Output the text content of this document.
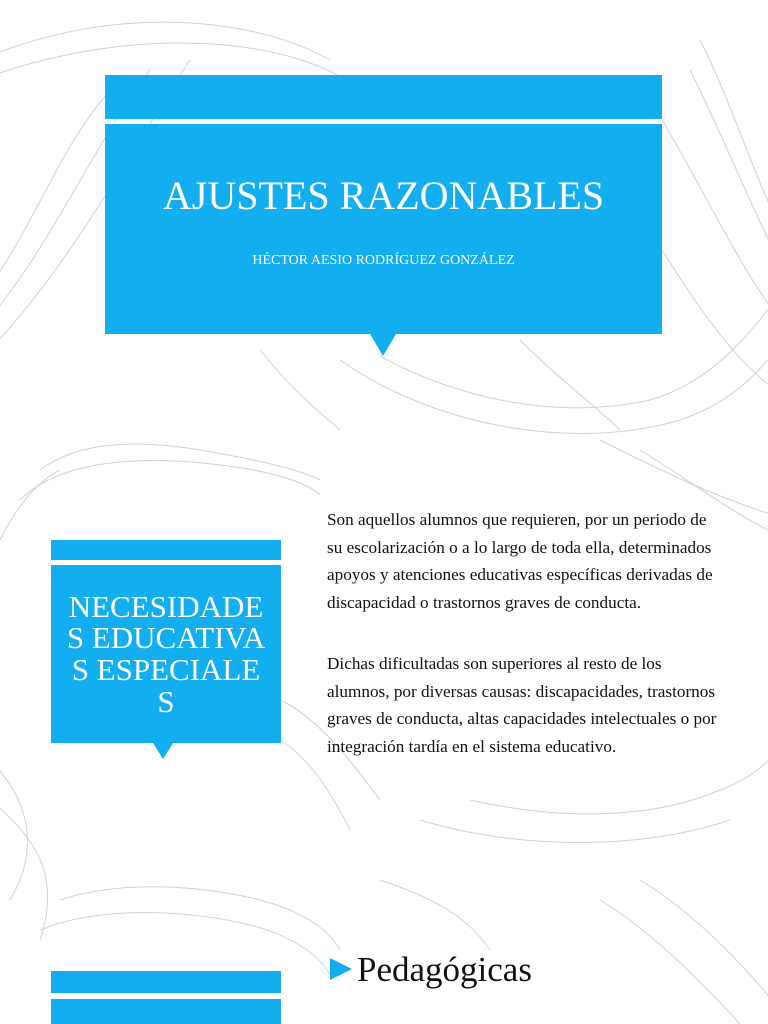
AJUSTES RAZONABLES
HÉCTOR AESIO RODRÍGUEZ GONZÁLEZ
NECESIDADES EDUCATIVAS ESPECIALES

Son aquellos alumnos que requieren, por un periodo de su escolarización o a lo largo de toda ella, determinados apoyos y atenciones educativas específicas derivadas de discapacidad o trastornos graves de conducta.

Dichas dificultadas son superiores al resto de los alumnos, por diversas causas: discapacidades, trastornos graves de conducta, altas capacidades intelectuales o por integración tardía en el sistema educativo.

Pedagógicas
